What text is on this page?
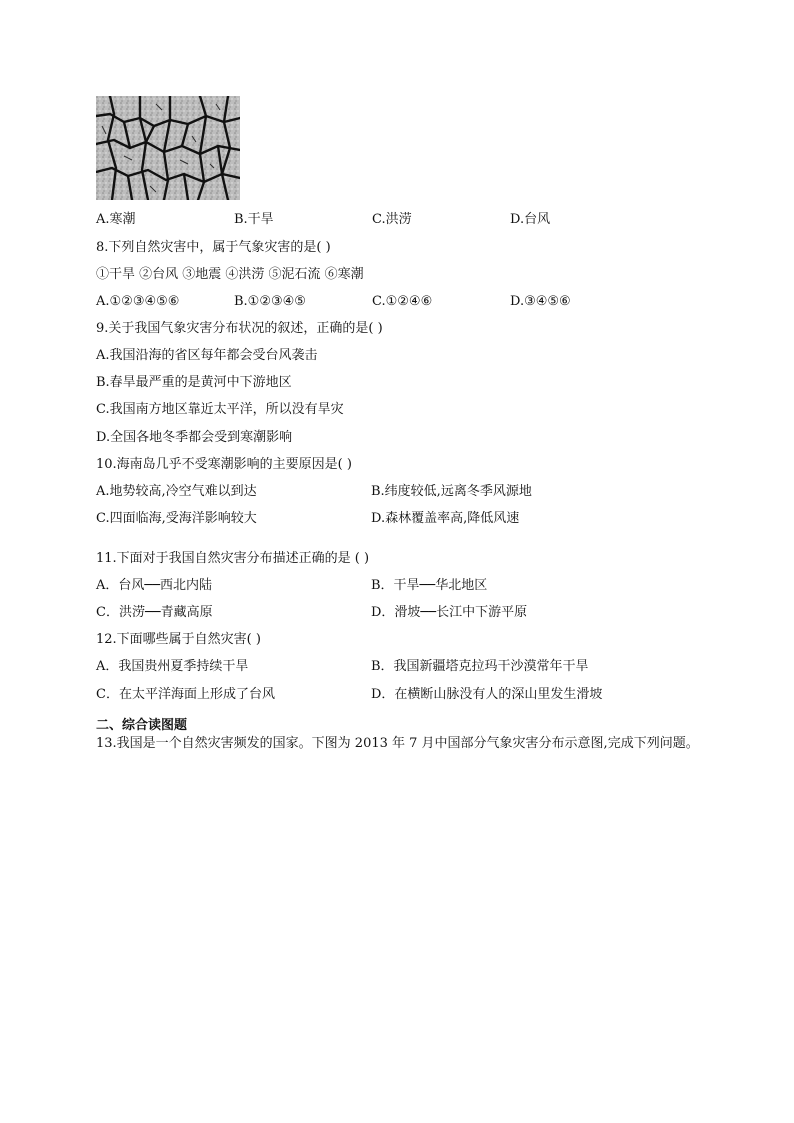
A.寒潮	B.干旱	C.洪涝	D.台风
8.下列自然灾害中，属于气象灾害的是( )
①干旱 ②台风 ③地震 ④洪涝 ⑤泥石流 ⑥寒潮
A.①②③④⑤⑥	B.①②③④⑤	C.①②④⑥	D.③④⑤⑥
9.关于我国气象灾害分布状况的叙述，正确的是( )
A.我国沿海的省区每年都会受台风袭击
B.春旱最严重的是黄河中下游地区
C.我国南方地区靠近太平洋，所以没有旱灾
D.全国各地冬季都会受到寒潮影响
10.海南岛几乎不受寒潮影响的主要原因是( )
A.地势较高,冷空气难以到达	B.纬度较低,远离冬季风源地
C.四面临海,受海洋影响较大	D.森林覆盖率高,降低风速
11.下面对于我国自然灾害分布描述正确的是 ( )
A．台风──西北内陆	B．干旱──华北地区
C．洪涝──青藏高原	D．滑坡──长江中下游平原
12.下面哪些属于自然灾害( )
A．我国贵州夏季持续干旱	B．我国新疆塔克拉玛干沙漠常年干旱
C．在太平洋海面上形成了台风	D．在横断山脉没有人的深山里发生滑坡
二、综合读图题
13.我国是一个自然灾害频发的国家。下图为 2013 年 7 月中国部分气象灾害分布示意图,完成下列问题。
